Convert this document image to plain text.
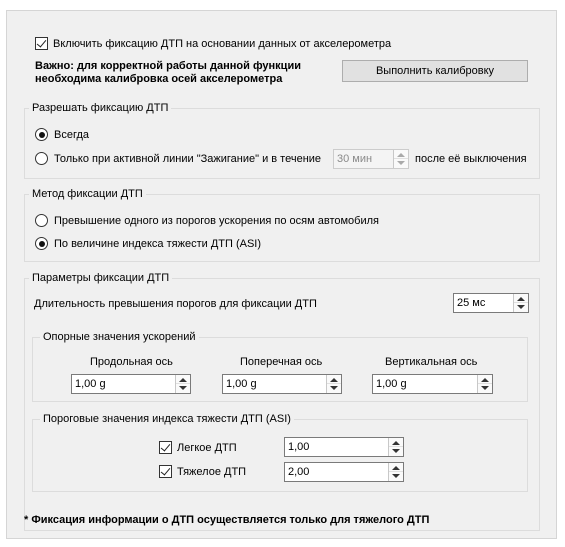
Включить фиксацию ДТП на основании данных от акселерометра
Важно: для корректной работы данной функции
необходима калибровка осей акселерометра
Выполнить калибровку
Разрешать фиксацию ДТП
Всегда
Только при активной линии "Зажигание" и в течение 30 мин	после её выключения
Метод фиксации ДТП
Превышение одного из порогов ускорения по осям автомобиля
По величине индекса тяжести ДТП (ASI)
Параметры фиксации ДТП
Длительность превышения порогов для фиксации ДТП	25 мс
Опорные значения ускорений
Продольная ось	Поперечная ось	Вертикальная ось
1,00 g	1,00 g	1,00 g
Пороговые значения индекса тяжести ДТП (ASI)
Легкое ДТП	1,00
Тяжелое ДТП	2,00
* Фиксация информации о ДТП осуществляется только для тяжелого ДТП
